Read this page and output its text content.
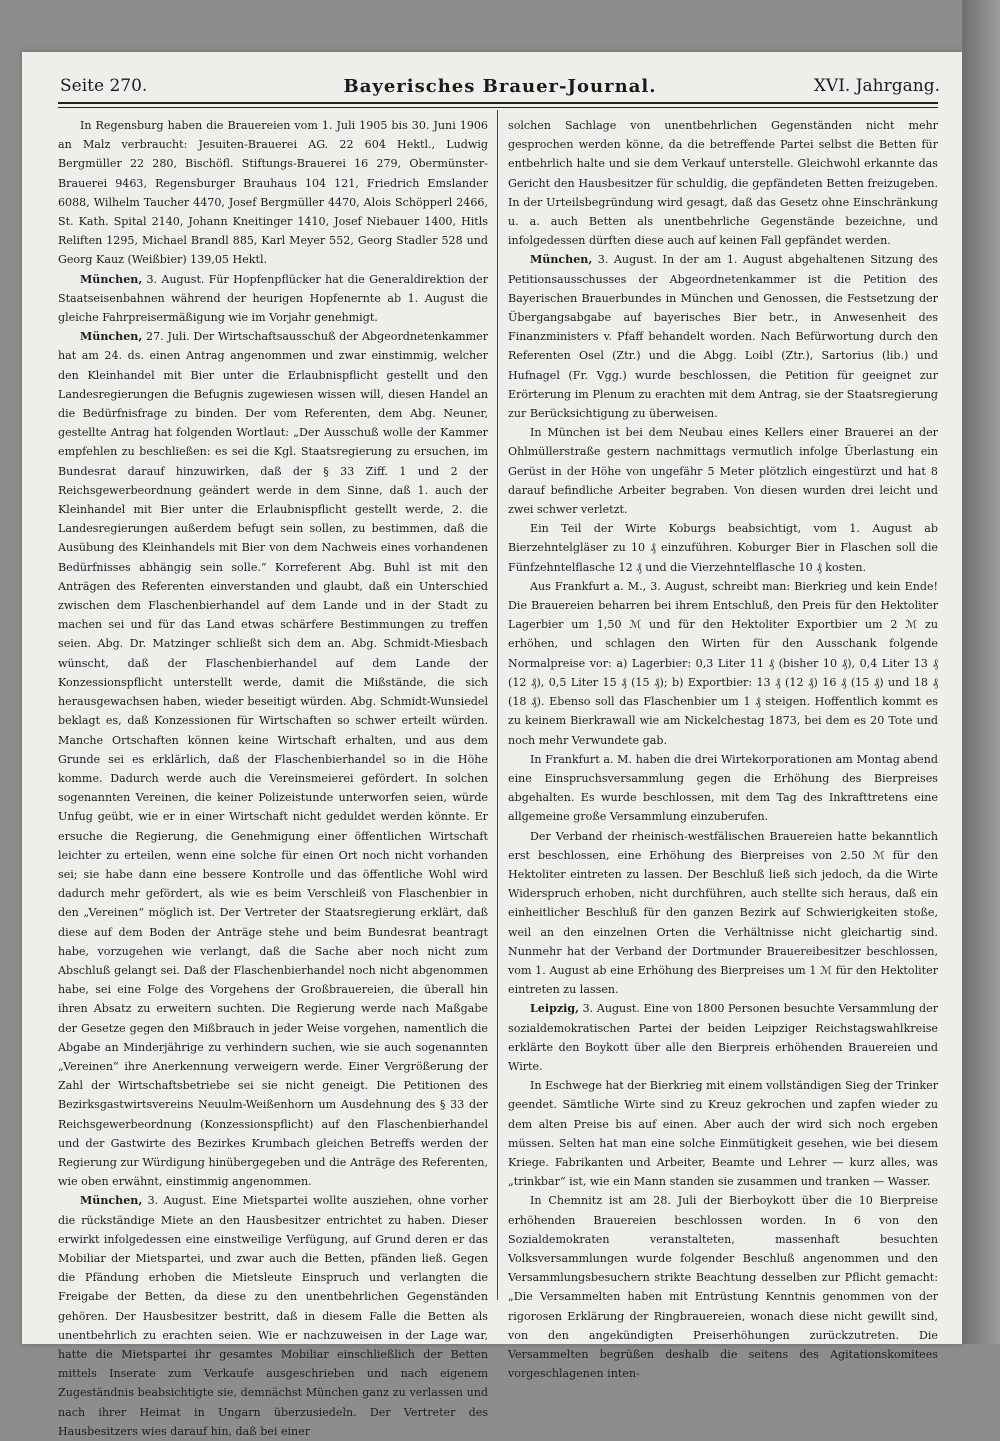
Seite 270.	Bayerisches Brauer-Journal.	XVI. Jahrgang.

In Regensburg haben die Brauereien vom 1. Juli 1905 bis 30. Juni 1906 an Malz verbraucht: Jesuiten-Brauerei AG. 22 604 Hektl., Ludwig Bergmüller 22 280, Bischöfl. Stiftungs-Brauerei 16 279, Obermünster-Brauerei 9463, Regensburger Brauhaus 104 121, Friedrich Emslander 6088, Wilhelm Taucher 4470, Josef Bergmüller 4470, Alois Schöpperl 2466, St. Kath. Spital 2140, Johann Kneitinger 1410, Josef Niebauer 1400, Hitls Reliften 1295, Michael Brandl 885, Karl Meyer 552, Georg Stadler 528 und Georg Kauz (Weißbier) 139,05 Hektl.

München, 3. August. Für Hopfenpflücker hat die Generaldirektion der Staatseisenbahnen während der heurigen Hopfenernte ab 1. August die gleiche Fahrpreisermäßigung wie im Vorjahr genehmigt.

München, 27. Juli. Der Wirtschaftsausschuß der Abgeordnetenkammer hat am 24. ds. einen Antrag angenommen und zwar einstimmig, welcher den Kleinhandel mit Bier unter die Erlaubnispflicht gestellt und den Landesregierungen die Befugnis zugewiesen wissen will, diesen Handel an die Bedürfnisfrage zu binden. Der vom Referenten, dem Abg. Neuner, gestellte Antrag hat folgenden Wortlaut: „Der Ausschuß wolle der Kammer empfehlen zu beschließen: es sei die Kgl. Staatsregierung zu ersuchen, im Bundesrat darauf hinzuwirken, daß der § 33 Ziff. 1 und 2 der Reichsgewerbeordnung geändert werde in dem Sinne, daß 1. auch der Kleinhandel mit Bier unter die Erlaubnispflicht gestellt werde, 2. die Landesregierungen außerdem befugt sein sollen, zu bestimmen, daß die Ausübung des Kleinhandels mit Bier von dem Nachweis eines vorhandenen Bedürfnisses abhängig sein solle.“ Korreferent Abg. Buhl ist mit den Anträgen des Referenten einverstanden und glaubt, daß ein Unterschied zwischen dem Flaschenbierhandel auf dem Lande und in der Stadt zu machen sei und für das Land etwas schärfere Bestimmungen zu treffen seien. Abg. Dr. Matzinger schließt sich dem an. Abg. Schmidt-Miesbach wünscht, daß der Flaschenbierhandel auf dem Lande der Konzessionspflicht unterstellt werde, damit die Mißstände, die sich herausgewachsen haben, wieder beseitigt würden. Abg. Schmidt-Wunsiedel beklagt es, daß Konzessionen für Wirtschaften so schwer erteilt würden. Manche Ortschaften können keine Wirtschaft erhalten, und aus dem Grunde sei es erklärlich, daß der Flaschenbierhandel so in die Höhe komme. Dadurch werde auch die Vereinsmeierei gefördert. In solchen sogenannten Vereinen, die keiner Polizeistunde unterworfen seien, würde Unfug geübt, wie er in einer Wirtschaft nicht geduldet werden könnte. Er ersuche die Regierung, die Genehmigung einer öffentlichen Wirtschaft leichter zu erteilen, wenn eine solche für einen Ort noch nicht vorhanden sei; sie habe dann eine bessere Kontrolle und das öffentliche Wohl wird dadurch mehr gefördert, als wie es beim Verschleiß von Flaschenbier in den „Vereinen“ möglich ist. Der Vertreter der Staatsregierung erklärt, daß diese auf dem Boden der Anträge stehe und beim Bundesrat beantragt habe, vorzugehen wie verlangt, daß die Sache aber noch nicht zum Abschluß gelangt sei. Daß der Flaschenbierhandel noch nicht abgenommen habe, sei eine Folge des Vorgehens der Großbrauereien, die überall hin ihren Absatz zu erweitern suchten. Die Regierung werde nach Maßgabe der Gesetze gegen den Mißbrauch in jeder Weise vorgehen, namentlich die Abgabe an Minderjährige zu verhindern suchen, wie sie auch sogenannten „Vereinen“ ihre Anerkennung verweigern werde. Einer Vergrößerung der Zahl der Wirtschaftsbetriebe sei sie nicht geneigt. Die Petitionen des Bezirksgastwirtsvereins Neuulm-Weißenhorn um Ausdehnung des § 33 der Reichsgewerbeordnung (Konzessionspflicht) auf den Flaschenbierhandel und der Gastwirte des Bezirkes Krumbach gleichen Betreffs werden der Regierung zur Würdigung hinübergegeben und die Anträge des Referenten, wie oben erwähnt, einstimmig angenommen.

München, 3. August. Eine Mietspartei wollte ausziehen, ohne vorher die rückständige Miete an den Hausbesitzer entrichtet zu haben. Dieser erwirkt infolgedessen eine einstweilige Verfügung, auf Grund deren er das Mobiliar der Mietspartei, und zwar auch die Betten, pfänden ließ. Gegen die Pfändung erhoben die Mietsleute Einspruch und verlangten die Freigabe der Betten, da diese zu den unentbehrlichen Gegenständen gehören. Der Hausbesitzer bestritt, daß in diesem Falle die Betten als unentbehrlich zu erachten seien. Wie er nachzuweisen in der Lage war, hatte die Mietspartei ihr gesamtes Mobiliar einschließlich der Betten mittels Inserate zum Verkaufe ausgeschrieben und nach eigenem Zugeständnis beabsichtigte sie, demnächst München ganz zu verlassen und nach ihrer Heimat in Ungarn überzusiedeln. Der Vertreter des Hausbesitzers wies darauf hin, daß bei einer

solchen Sachlage von unentbehrlichen Gegenständen nicht mehr gesprochen werden könne, da die betreffende Partei selbst die Betten für entbehrlich halte und sie dem Verkauf unterstelle. Gleichwohl erkannte das Gericht den Hausbesitzer für schuldig, die gepfändeten Betten freizugeben. In der Urteilsbegründung wird gesagt, daß das Gesetz ohne Einschränkung u. a. auch Betten als unentbehrliche Gegenstände bezeichne, und infolgedessen dürften diese auch auf keinen Fall gepfändet werden.

München, 3. August. In der am 1. August abgehaltenen Sitzung des Petitionsausschusses der Abgeordnetenkammer ist die Petition des Bayerischen Brauerbundes in München und Genossen, die Festsetzung der Übergangsabgabe auf bayerisches Bier betr., in Anwesenheit des Finanzministers v. Pfaff behandelt worden. Nach Befürwortung durch den Referenten Osel (Ztr.) und die Abgg. Loibl (Ztr.), Sartorius (lib.) und Hufnagel (Fr. Vgg.) wurde beschlossen, die Petition für geeignet zur Erörterung im Plenum zu erachten mit dem Antrag, sie der Staatsregierung zur Berücksichtigung zu überweisen.

In München ist bei dem Neubau eines Kellers einer Brauerei an der Ohlmüllerstraße gestern nachmittags vermutlich infolge Überlastung ein Gerüst in der Höhe von ungefähr 5 Meter plötzlich eingestürzt und hat 8 darauf befindliche Arbeiter begraben. Von diesen wurden drei leicht und zwei schwer verletzt.

Ein Teil der Wirte Koburgs beabsichtigt, vom 1. August ab Bierzehntelgläser zu 10 ₰ einzuführen. Koburger Bier in Flaschen soll die Fünfzehntelflasche 12 ₰ und die Vierzehntelflasche 10 ₰ kosten.

Aus Frankfurt a. M., 3. August, schreibt man: Bierkrieg und kein Ende! Die Brauereien beharren bei ihrem Entschluß, den Preis für den Hektoliter Lagerbier um 1,50 ℳ und für den Hektoliter Exportbier um 2 ℳ zu erhöhen, und schlagen den Wirten für den Ausschank folgende Normalpreise vor: a) Lagerbier: 0,3 Liter 11 ₰ (bisher 10 ₰), 0,4 Liter 13 ₰ (12 ₰), 0,5 Liter 15 ₰ (15 ₰); b) Exportbier: 13 ₰ (12 ₰) 16 ₰ (15 ₰) und 18 ₰ (18 ₰). Ebenso soll das Flaschenbier um 1 ₰ steigen. Hoffentlich kommt es zu keinem Bierkrawall wie am Nickelchestag 1873, bei dem es 20 Tote und noch mehr Verwundete gab.

In Frankfurt a. M. haben die drei Wirtekorporationen am Montag abend eine Einspruchsversammlung gegen die Erhöhung des Bierpreises abgehalten. Es wurde beschlossen, mit dem Tag des Inkrafttretens eine allgemeine große Versammlung einzuberufen.

Der Verband der rheinisch-westfälischen Brauereien hatte bekanntlich erst beschlossen, eine Erhöhung des Bierpreises von 2.50 ℳ für den Hektoliter eintreten zu lassen. Der Beschluß ließ sich jedoch, da die Wirte Widerspruch erhoben, nicht durchführen, auch stellte sich heraus, daß ein einheitlicher Beschluß für den ganzen Bezirk auf Schwierigkeiten stoße, weil an den einzelnen Orten die Verhältnisse nicht gleichartig sind. Nunmehr hat der Verband der Dortmunder Brauereibesitzer beschlossen, vom 1. August ab eine Erhöhung des Bierpreises um 1 ℳ für den Hektoliter eintreten zu lassen.

Leipzig, 3. August. Eine von 1800 Personen besuchte Versammlung der sozialdemokratischen Partei der beiden Leipziger Reichstagswahlkreise erklärte den Boykott über alle den Bierpreis erhöhenden Brauereien und Wirte.

In Eschwege hat der Bierkrieg mit einem vollständigen Sieg der Trinker geendet. Sämtliche Wirte sind zu Kreuz gekrochen und zapfen wieder zu dem alten Preise bis auf einen. Aber auch der wird sich noch ergeben müssen. Selten hat man eine solche Einmütigkeit gesehen, wie bei diesem Kriege. Fabrikanten und Arbeiter, Beamte und Lehrer — kurz alles, was „trinkbar“ ist, wie ein Mann standen sie zusammen und tranken — Wasser.

In Chemnitz ist am 28. Juli der Bierboykott über die 10 Bierpreise erhöhenden Brauereien beschlossen worden. In 6 von den Sozialdemokraten veranstalteten, massenhaft besuchten Volksversammlungen wurde folgender Beschluß angenommen und den Versammlungsbesuchern strikte Beachtung desselben zur Pflicht gemacht: „Die Versammelten haben mit Entrüstung Kenntnis genommen von der rigorosen Erklärung der Ringbrauereien, wonach diese nicht gewillt sind, von den angekündigten Preiserhöhungen zurückzutreten. Die Versammelten begrüßen deshalb die seitens des Agitationskomitees vorgeschlagenen inten-
